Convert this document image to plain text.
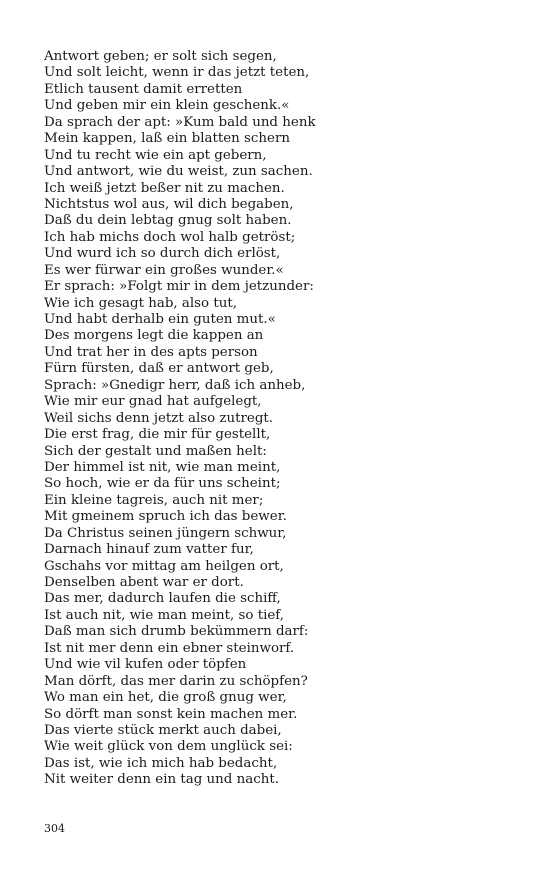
Antwort geben; er solt sich segen,
Und solt leicht, wenn ir das jetzt teten,
Etlich tausent damit erretten
Und geben mir ein klein geschenk.«
Da sprach der apt: »Kum bald und henk
Mein kappen, laß ein blatten schern
Und tu recht wie ein apt gebern,
Und antwort, wie du weist, zun sachen.
Ich weiß jetzt beßer nit zu machen.
Nichtstus wol aus, wil dich begaben,
Daß du dein lebtag gnug solt haben.
Ich hab michs doch wol halb getröst;
Und wurd ich so durch dich erlöst,
Es wer fürwar ein großes wunder.«
Er sprach: »Folgt mir in dem jetzunder:
Wie ich gesagt hab, also tut,
Und habt derhalb ein guten mut.«
Des morgens legt die kappen an
Und trat her in des apts person
Fürn fürsten, daß er antwort geb,
Sprach: »Gnedigr herr, daß ich anheb,
Wie mir eur gnad hat aufgelegt,
Weil sichs denn jetzt also zutregt.
Die erst frag, die mir für gestellt,
Sich der gestalt und maßen helt:
Der himmel ist nit, wie man meint,
So hoch, wie er da für uns scheint;
Ein kleine tagreis, auch nit mer;
Mit gmeinem spruch ich das bewer.
Da Christus seinen jüngern schwur,
Darnach hinauf zum vatter fur,
Gschahs vor mittag am heilgen ort,
Denselben abent war er dort.
Das mer, dadurch laufen die schiff,
Ist auch nit, wie man meint, so tief,
Daß man sich drumb bekümmern darf:
Ist nit mer denn ein ebner steinworf.
Und wie vil kufen oder töpfen
Man dörft, das mer darin zu schöpfen?
Wo man ein het, die groß gnug wer,
So dörft man sonst kein machen mer.
Das vierte stück merkt auch dabei,
Wie weit glück von dem unglück sei:
Das ist, wie ich mich hab bedacht,
Nit weiter denn ein tag und nacht.
304
